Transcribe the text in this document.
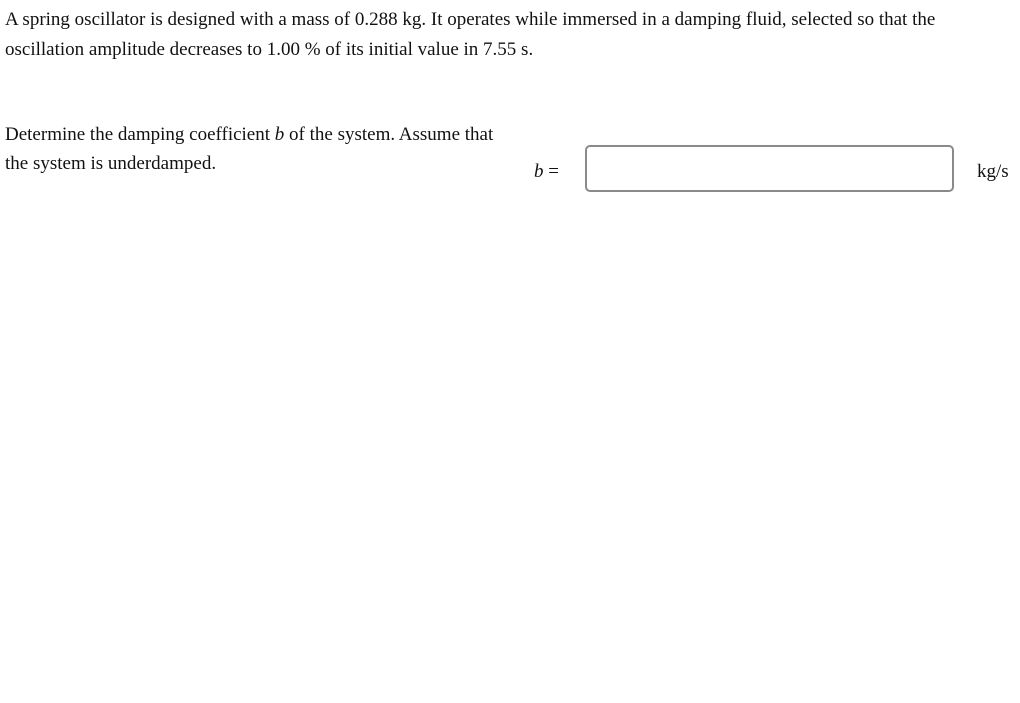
A spring oscillator is designed with a mass of 0.288 kg. It operates while immersed in a damping fluid, selected so that the oscillation amplitude decreases to 1.00 % of its initial value in 7.55 s.
Determine the damping coefficient b of the system. Assume that the system is underdamped.	b =	kg/s
